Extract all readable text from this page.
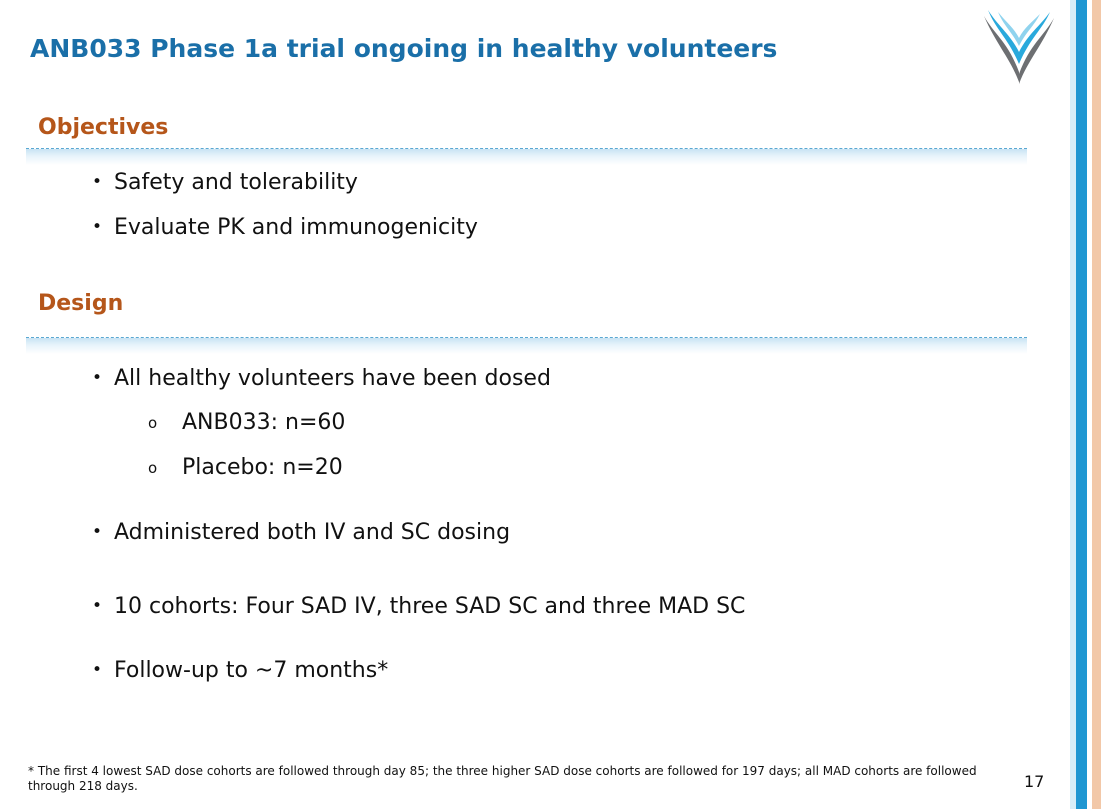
ANB033 Phase 1a trial ongoing in healthy volunteers
Objectives
• Safety and tolerability
• Evaluate PK and immunogenicity
Design
• All healthy volunteers have been dosed
o ANB033: n=60
o Placebo: n=20
• Administered both IV and SC dosing
• 10 cohorts: Four SAD IV, three SAD SC and three MAD SC
• Follow-up to ~7 months*
* The first 4 lowest SAD dose cohorts are followed through day 85; the three higher SAD dose cohorts are followed for 197 days; all MAD cohorts are followed through 218 days.	17
